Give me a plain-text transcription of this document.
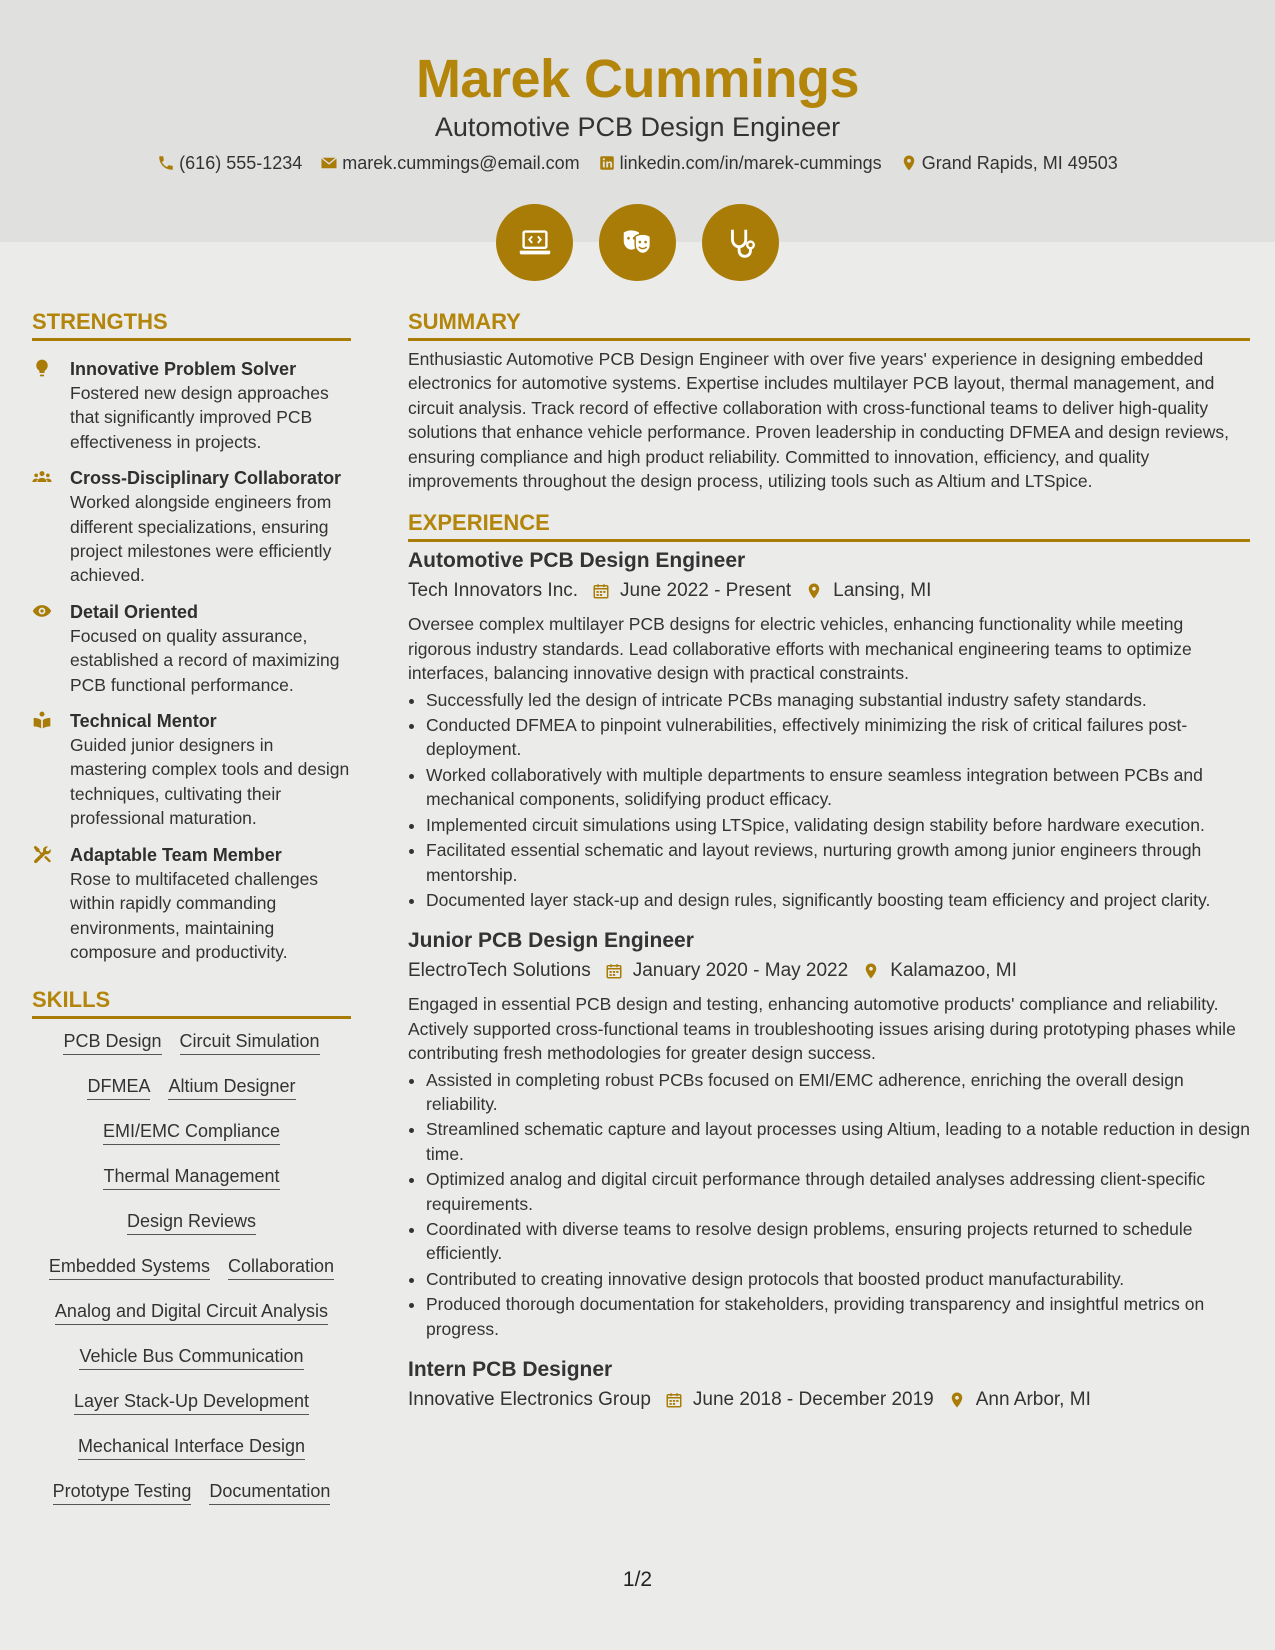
Marek Cummings
Automotive PCB Design Engineer
(616) 555-1234 marek.cummings@email.com linkedin.com/in/marek-cummings Grand Rapids, MI 49503
STRENGTHS
Innovative Problem Solver
Fostered new design approaches that significantly improved PCB effectiveness in projects.
Cross-Disciplinary Collaborator
Worked alongside engineers from different specializations, ensuring project milestones were efficiently achieved.
Detail Oriented
Focused on quality assurance, established a record of maximizing PCB functional performance.
Technical Mentor
Guided junior designers in mastering complex tools and design techniques, cultivating their professional maturation.
Adaptable Team Member
Rose to multifaceted challenges within rapidly commanding environments, maintaining composure and productivity.
SKILLS
PCB Design Circuit Simulation
DFMEA Altium Designer
EMI/EMC Compliance
Thermal Management
Design Reviews
Embedded Systems Collaboration
Analog and Digital Circuit Analysis
Vehicle Bus Communication
Layer Stack-Up Development
Mechanical Interface Design
Prototype Testing Documentation
SUMMARY
Enthusiastic Automotive PCB Design Engineer with over five years' experience in designing embedded electronics for automotive systems. Expertise includes multilayer PCB layout, thermal management, and circuit analysis. Track record of effective collaboration with cross-functional teams to deliver high-quality solutions that enhance vehicle performance. Proven leadership in conducting DFMEA and design reviews, ensuring compliance and high product reliability. Committed to innovation, efficiency, and quality improvements throughout the design process, utilizing tools such as Altium and LTSpice.
EXPERIENCE
Automotive PCB Design Engineer
Tech Innovators Inc. June 2022 - Present Lansing, MI
Oversee complex multilayer PCB designs for electric vehicles, enhancing functionality while meeting rigorous industry standards. Lead collaborative efforts with mechanical engineering teams to optimize interfaces, balancing innovative design with practical constraints.
• Successfully led the design of intricate PCBs managing substantial industry safety standards.
• Conducted DFMEA to pinpoint vulnerabilities, effectively minimizing the risk of critical failures post-deployment.
• Worked collaboratively with multiple departments to ensure seamless integration between PCBs and mechanical components, solidifying product efficacy.
• Implemented circuit simulations using LTSpice, validating design stability before hardware execution.
• Facilitated essential schematic and layout reviews, nurturing growth among junior engineers through mentorship.
• Documented layer stack-up and design rules, significantly boosting team efficiency and project clarity.
Junior PCB Design Engineer
ElectroTech Solutions January 2020 - May 2022 Kalamazoo, MI
Engaged in essential PCB design and testing, enhancing automotive products' compliance and reliability. Actively supported cross-functional teams in troubleshooting issues arising during prototyping phases while contributing fresh methodologies for greater design success.
• Assisted in completing robust PCBs focused on EMI/EMC adherence, enriching the overall design reliability.
• Streamlined schematic capture and layout processes using Altium, leading to a notable reduction in design time.
• Optimized analog and digital circuit performance through detailed analyses addressing client-specific requirements.
• Coordinated with diverse teams to resolve design problems, ensuring projects returned to schedule efficiently.
• Contributed to creating innovative design protocols that boosted product manufacturability.
• Produced thorough documentation for stakeholders, providing transparency and insightful metrics on progress.
Intern PCB Designer
Innovative Electronics Group June 2018 - December 2019 Ann Arbor, MI
1/2
